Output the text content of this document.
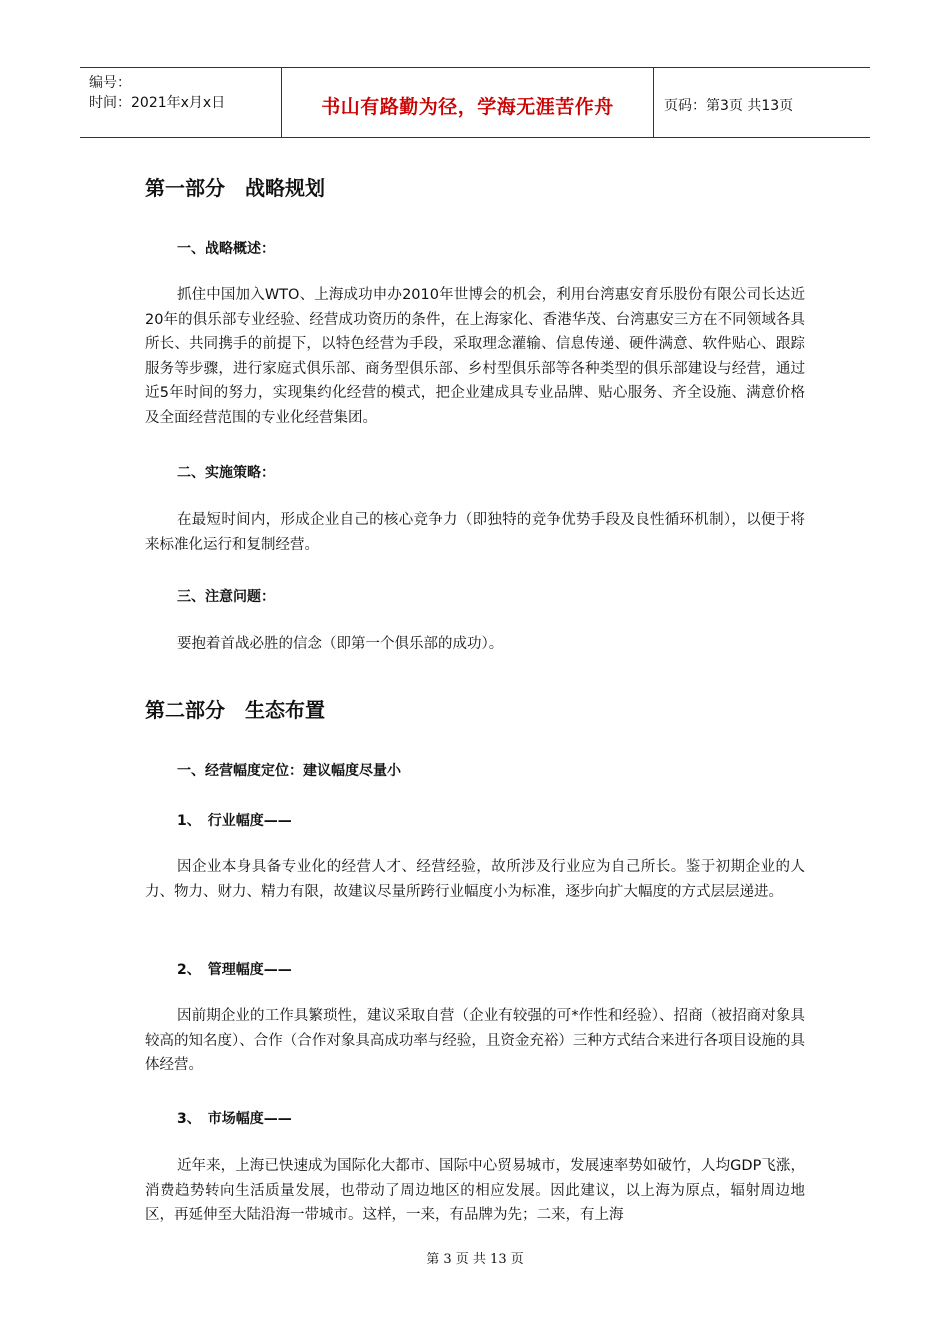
编号：
时间：2021年x月x日	书山有路勤为径，学海无涯苦作舟	页码：第3页 共13页
第一部分　战略规划
一、战略概述：
抓住中国加入WTO、上海成功申办2010年世博会的机会，利用台湾惠安育乐股份有限公司长达近20年的俱乐部专业经验、经营成功资历的条件，在上海家化、香港华茂、台湾惠安三方在不同领域各具所长、共同携手的前提下，以特色经营为手段，采取理念灌输、信息传递、硬件满意、软件贴心、跟踪服务等步骤，进行家庭式俱乐部、商务型俱乐部、乡村型俱乐部等各种类型的俱乐部建设与经营，通过近5年时间的努力，实现集约化经营的模式，把企业建成具专业品牌、贴心服务、齐全设施、满意价格及全面经营范围的专业化经营集团。
二、实施策略：
在最短时间内，形成企业自己的核心竞争力（即独特的竞争优势手段及良性循环机制），以便于将来标准化运行和复制经营。
三、注意问题：
要抱着首战必胜的信念（即第一个俱乐部的成功）。
第二部分　生态布置
一、经营幅度定位：建议幅度尽量小
1、　行业幅度——
因企业本身具备专业化的经营人才、经营经验，故所涉及行业应为自己所长。鉴于初期企业的人力、物力、财力、精力有限，故建议尽量所跨行业幅度小为标准，逐步向扩大幅度的方式层层递进。
2、　管理幅度——
因前期企业的工作具繁琐性，建议采取自营（企业有较强的可*作性和经验）、招商（被招商对象具较高的知名度）、合作（合作对象具高成功率与经验，且资金充裕）三种方式结合来进行各项目设施的具体经营。
3、　市场幅度——
近年来，上海已快速成为国际化大都市、国际中心贸易城市，发展速率势如破竹，人均GDP飞涨，消费趋势转向生活质量发展，也带动了周边地区的相应发展。因此建议，以上海为原点，辐射周边地区，再延伸至大陆沿海一带城市。这样，一来，有品牌为先；二来，有上海
第 3 页 共 13 页
